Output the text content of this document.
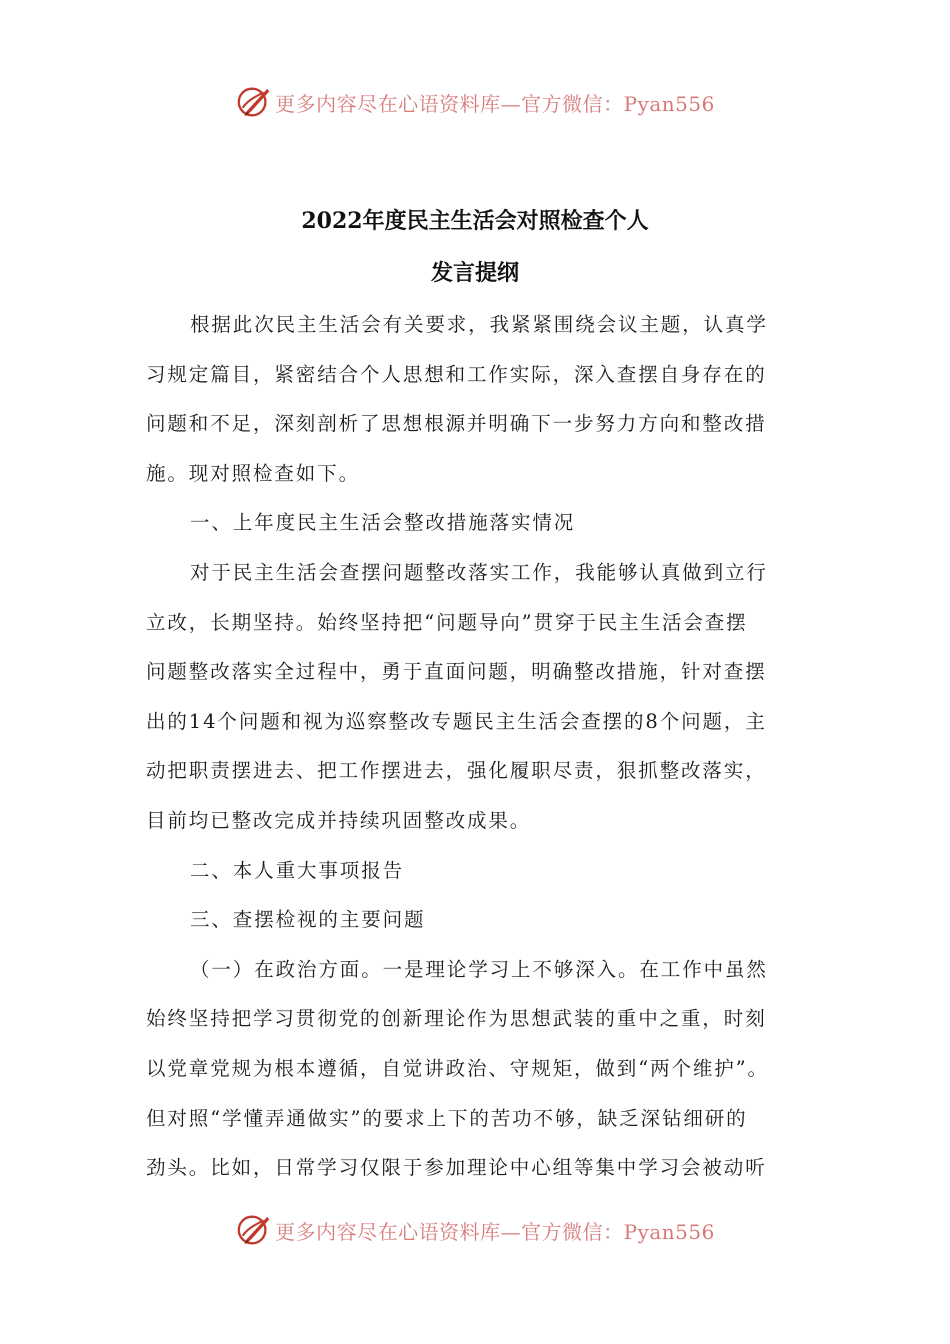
更多内容尽在心语资料库—官方微信：Pyan556
2022年度民主生活会对照检查个人
发言提纲
根据此次民主生活会有关要求，我紧紧围绕会议主题，认真学
习规定篇目，紧密结合个人思想和工作实际，深入查摆自身存在的
问题和不足，深刻剖析了思想根源并明确下一步努力方向和整改措
施。现对照检查如下。
一、上年度民主生活会整改措施落实情况
对于民主生活会查摆问题整改落实工作，我能够认真做到立行
立改，长期坚持。始终坚持把“问题导向”贯穿于民主生活会查摆
问题整改落实全过程中，勇于直面问题，明确整改措施，针对查摆
出的14个问题和视为巡察整改专题民主生活会查摆的8个问题，主
动把职责摆进去、把工作摆进去，强化履职尽责，狠抓整改落实，
目前均已整改完成并持续巩固整改成果。
二、本人重大事项报告
三、查摆检视的主要问题
（一）在政治方面。一是理论学习上不够深入。在工作中虽然
始终坚持把学习贯彻党的创新理论作为思想武装的重中之重，时刻
以党章党规为根本遵循，自觉讲政治、守规矩，做到“两个维护”。
但对照“学懂弄通做实”的要求上下的苦功不够，缺乏深钻细研的
劲头。比如，日常学习仅限于参加理论中心组等集中学习会被动听
更多内容尽在心语资料库—官方微信：Pyan556
